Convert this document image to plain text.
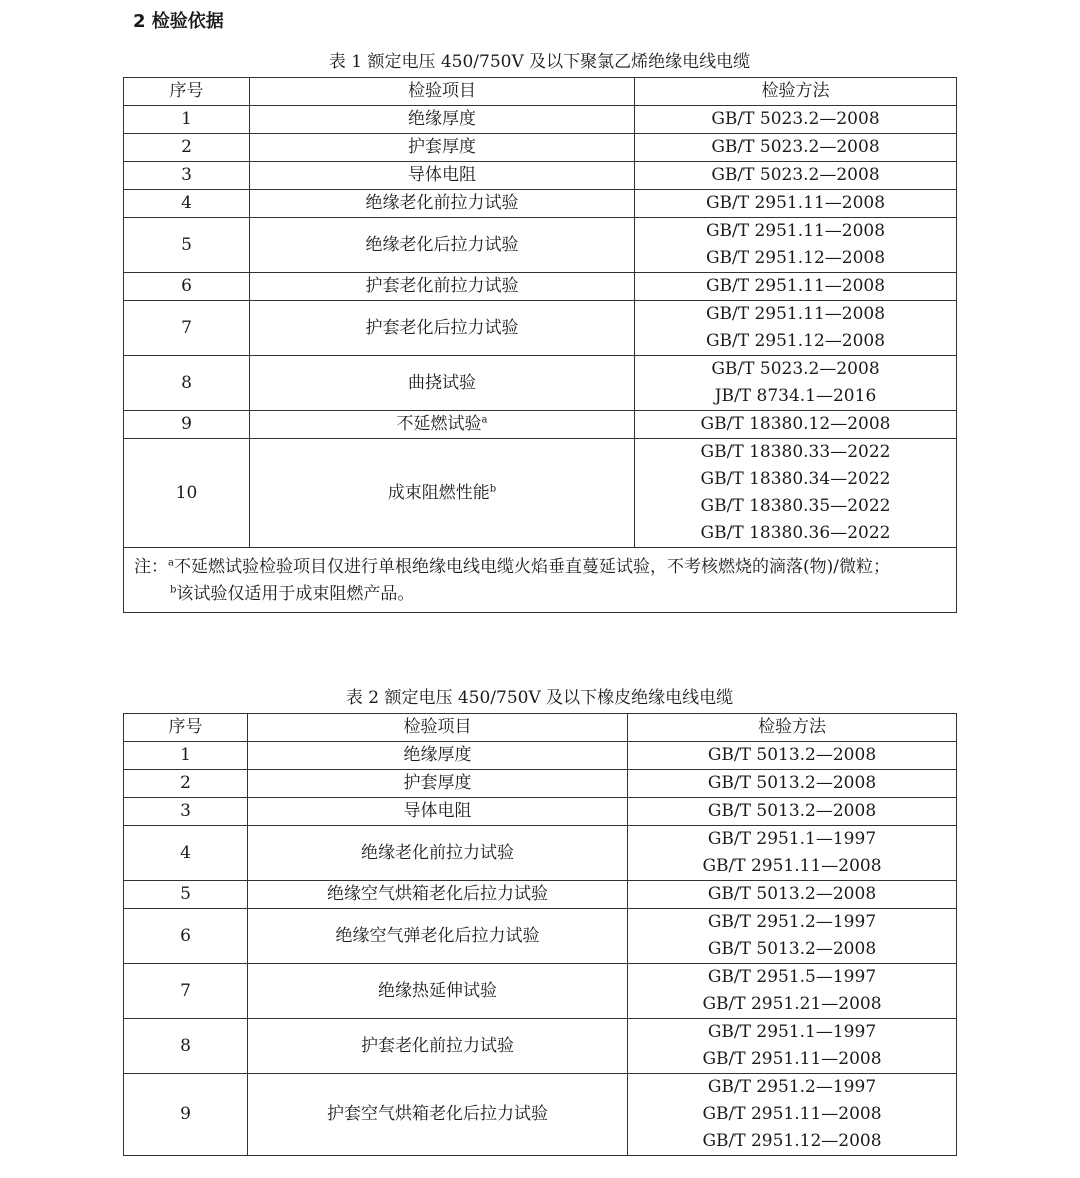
2 检验依据
表 1 额定电压 450/750V 及以下聚氯乙烯绝缘电线电缆
序号	检验项目	检验方法
1	绝缘厚度	GB/T 5023.2—2008

2	护套厚度	GB/T 5023.2—2008

3	导体电阻	GB/T 5023.2—2008

4	绝缘老化前拉力试验	GB/T 2951.11—2008

5	绝缘老化后拉力试验	GB/T 2951.11—2008
GB/T 2951.12—2008

6	护套老化前拉力试验	GB/T 2951.11—2008

7	护套老化后拉力试验	GB/T 2951.11—2008
GB/T 2951.12—2008

8	曲挠试验	GB/T 5023.2—2008
JB/T 8734.1—2016

9	不延燃试验$^a$	GB/T 18380.12—2008

10	成束阻燃性能$^b$	GB/T 18380.33—2022
GB/T 18380.34—2022
GB/T 18380.35—2022
GB/T 18380.36—2022

注：$^a$不延燃试验检验项目仅进行单根绝缘电线电缆火焰垂直蔓延试验，不考核燃烧的滴落(物)/微粒；
$^b$该试验仅适用于成束阻燃产品。		
表 2 额定电压 450/750V 及以下橡皮绝缘电线电缆
序号	检验项目	检验方法
1	绝缘厚度	GB/T 5013.2—2008

2	护套厚度	GB/T 5013.2—2008

3	导体电阻	GB/T 5013.2—2008

4	绝缘老化前拉力试验	GB/T 2951.1—1997
GB/T 2951.11—2008

5	绝缘空气烘箱老化后拉力试验	GB/T 5013.2—2008

6	绝缘空气弹老化后拉力试验	GB/T 2951.2—1997
GB/T 5013.2—2008

7	绝缘热延伸试验	GB/T 2951.5—1997
GB/T 2951.21—2008

8	护套老化前拉力试验	GB/T 2951.1—1997
GB/T 2951.11—2008

9	护套空气烘箱老化后拉力试验	GB/T 2951.2—1997
GB/T 2951.11—2008
GB/T 2951.12—2008
